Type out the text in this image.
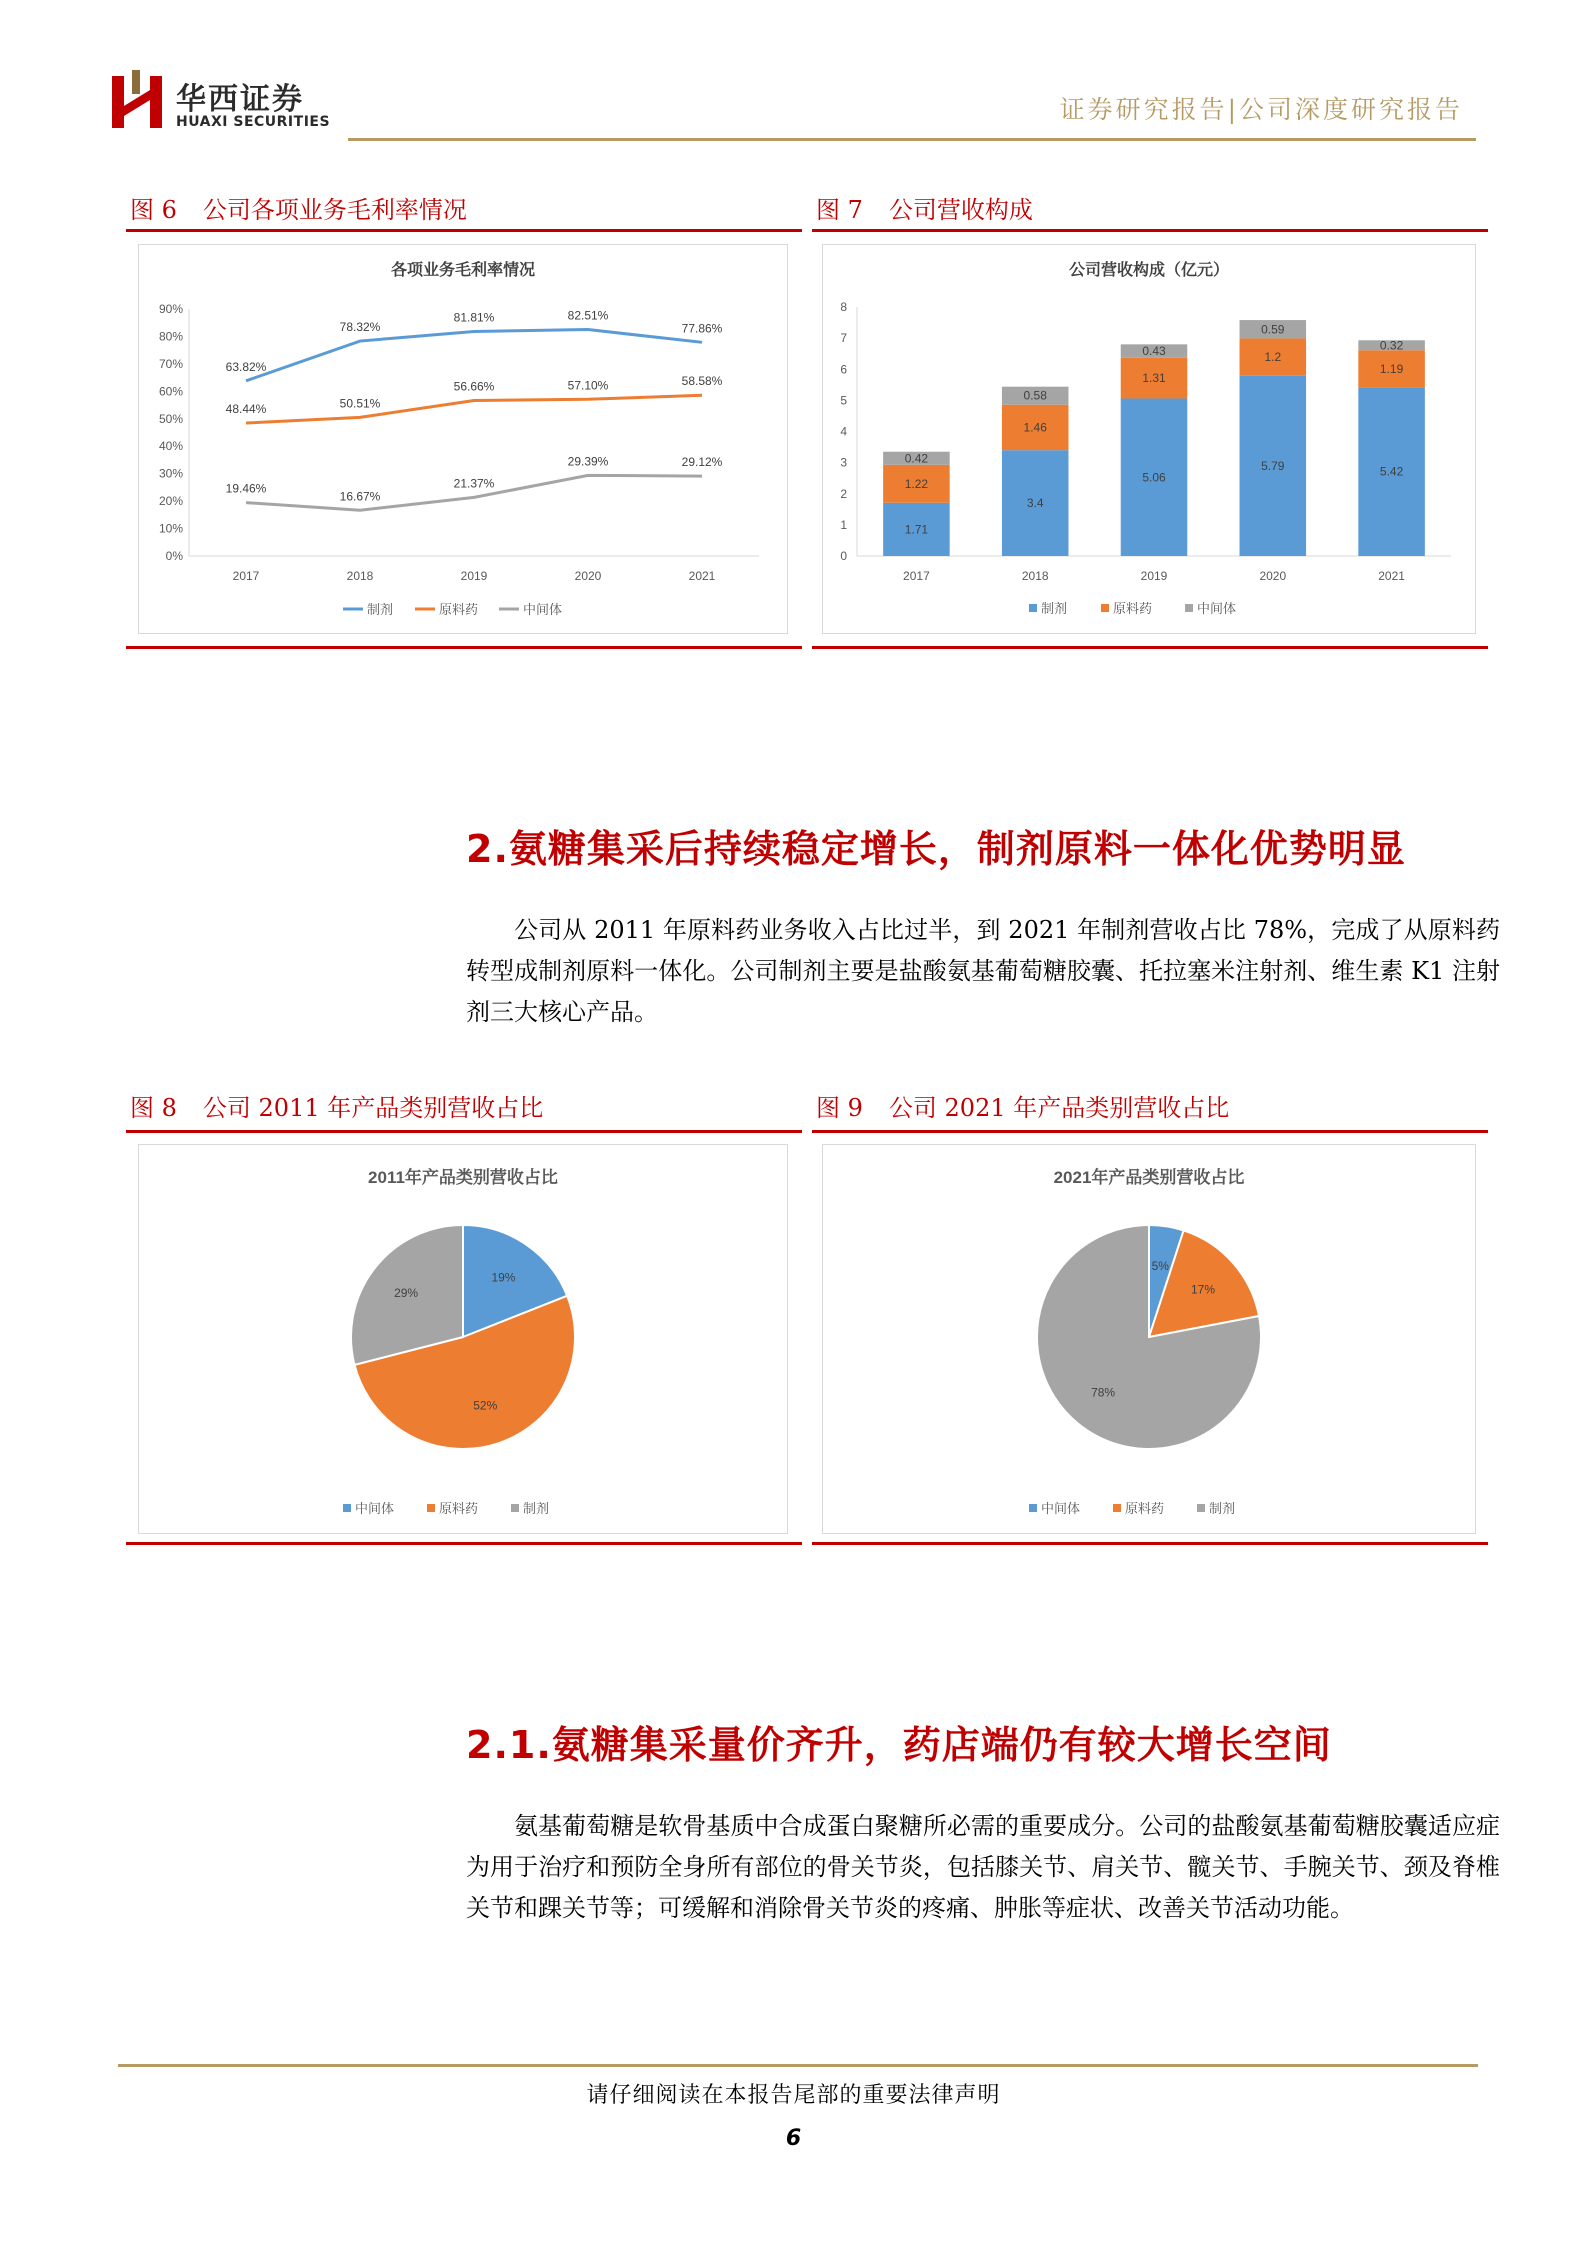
华西证券
HUAXI SECURITIES	证券研究报告|公司深度研究报告
图 6 公司各项业务毛利率情况
各项业务毛利率情况
0%
10%
20%
30%
40%
50%
60%
70%
80%
90%
2017	2018	2019	2020	2021
63.82%
78.32%
81.81%	82.51%
77.86%
48.44%	50.51%
56.66%	57.10%	58.58%
19.46%
16.67%
21.37%
29.39%	29.12%
制剂	原料药	中间体
图 7 公司营收构成
公司营收构成（亿元）
0
1
2
3
4
5
6
7
8
1.71
1.22
0.42
2017
3.4
1.46
0.58
2018
5.06
1.31
0.43
2019
5.79
1.2
0.59
2020
5.42
1.19
0.32
2021
制剂	原料药	中间体
2.氨糖集采后持续稳定增长，制剂原料一体化优势明显
公司从 2011 年原料药业务收入占比过半，到 2021 年制剂营收占比 78%，完成了从原料药转型成制剂原料一体化。公司制剂主要是盐酸氨基葡萄糖胶囊、托拉塞米注射剂、维生素 K1 注射剂三大核心产品。
图 8 公司 2011 年产品类别营收占比
2011年产品类别营收占比
19%
52%
29%
中间体	原料药	制剂
图 9 公司 2021 年产品类别营收占比
2021年产品类别营收占比
5%
17%
78%
中间体	原料药	制剂
2.1.氨糖集采量价齐升，药店端仍有较大增长空间
氨基葡萄糖是软骨基质中合成蛋白聚糖所必需的重要成分。公司的盐酸氨基葡萄糖胶囊适应症为用于治疗和预防全身所有部位的骨关节炎，包括膝关节、肩关节、髋关节、手腕关节、颈及脊椎关节和踝关节等；可缓解和消除骨关节炎的疼痛、肿胀等症状、改善关节活动功能。
请仔细阅读在本报告尾部的重要法律声明
6
